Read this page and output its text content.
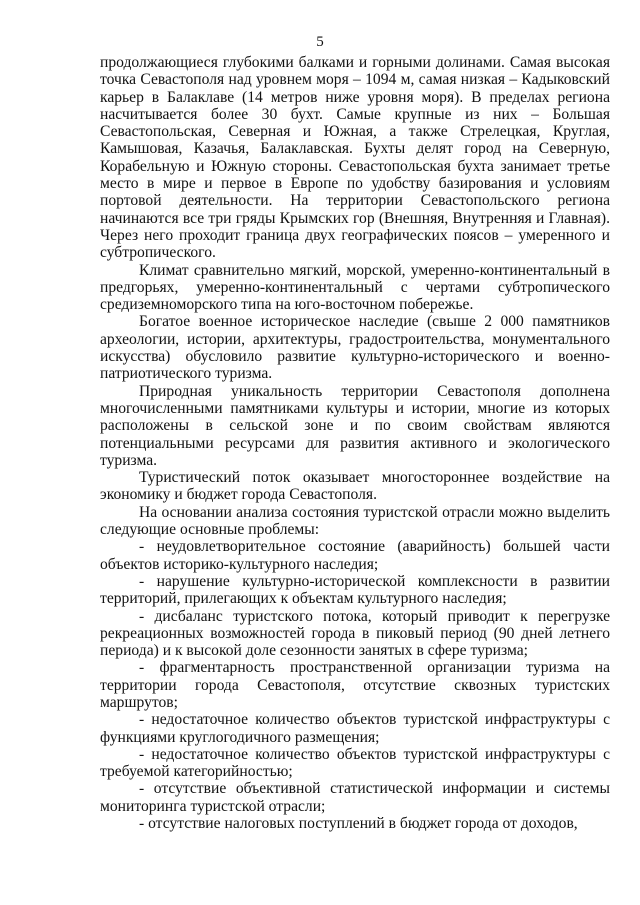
5

продолжающиеся глубокими балками и горными долинами. Самая высокая точка Севастополя над уровнем моря – 1094 м, самая низкая – Кадыковский карьер в Балаклаве (14 метров ниже уровня моря). В пределах региона насчитывается более 30 бухт. Самые крупные из них – Большая Севастопольская, Северная и Южная, а также Стрелецкая, Круглая, Камышовая, Казачья, Балаклавская. Бухты делят город на Северную, Корабельную и Южную стороны. Севастопольская бухта занимает третье место в мире и первое в Европе по удобству базирования и условиям портовой деятельности. На территории Севастопольского региона начинаются все три гряды Крымских гор (Внешняя, Внутренняя и Главная). Через него проходит граница двух географических поясов – умеренного и субтропического.

Климат сравнительно мягкий, морской, умеренно-континентальный в предгорьях, умеренно-континентальный с чертами субтропического средиземноморского типа на юго-восточном побережье.

Богатое военное историческое наследие (свыше 2 000 памятников археологии, истории, архитектуры, градостроительства, монументального искусства) обусловило развитие культурно-исторического и военно-патриотического туризма.

Природная уникальность территории Севастополя дополнена многочисленными памятниками культуры и истории, многие из которых расположены в сельской зоне и по своим свойствам являются потенциальными ресурсами для развития активного и экологического туризма.

Туристический поток оказывает многостороннее воздействие на экономику и бюджет города Севастополя.

На основании анализа состояния туристской отрасли можно выделить следующие основные проблемы:

- неудовлетворительное состояние (аварийность) большей части объектов историко-культурного наследия;

- нарушение культурно-исторической комплексности в развитии территорий, прилегающих к объектам культурного наследия;

- дисбаланс туристского потока, который приводит к перегрузке рекреационных возможностей города в пиковый период (90 дней летнего периода) и к высокой доле сезонности занятых в сфере туризма;

- фрагментарность пространственной организации туризма на территории города Севастополя, отсутствие сквозных туристских маршрутов;

- недостаточное количество объектов туристской инфраструктуры с функциями круглогодичного размещения;

- недостаточное количество объектов туристской инфраструктуры с требуемой категорийностью;

- отсутствие объективной статистической информации и системы мониторинга туристской отрасли;

- отсутствие налоговых поступлений в бюджет города от доходов,
